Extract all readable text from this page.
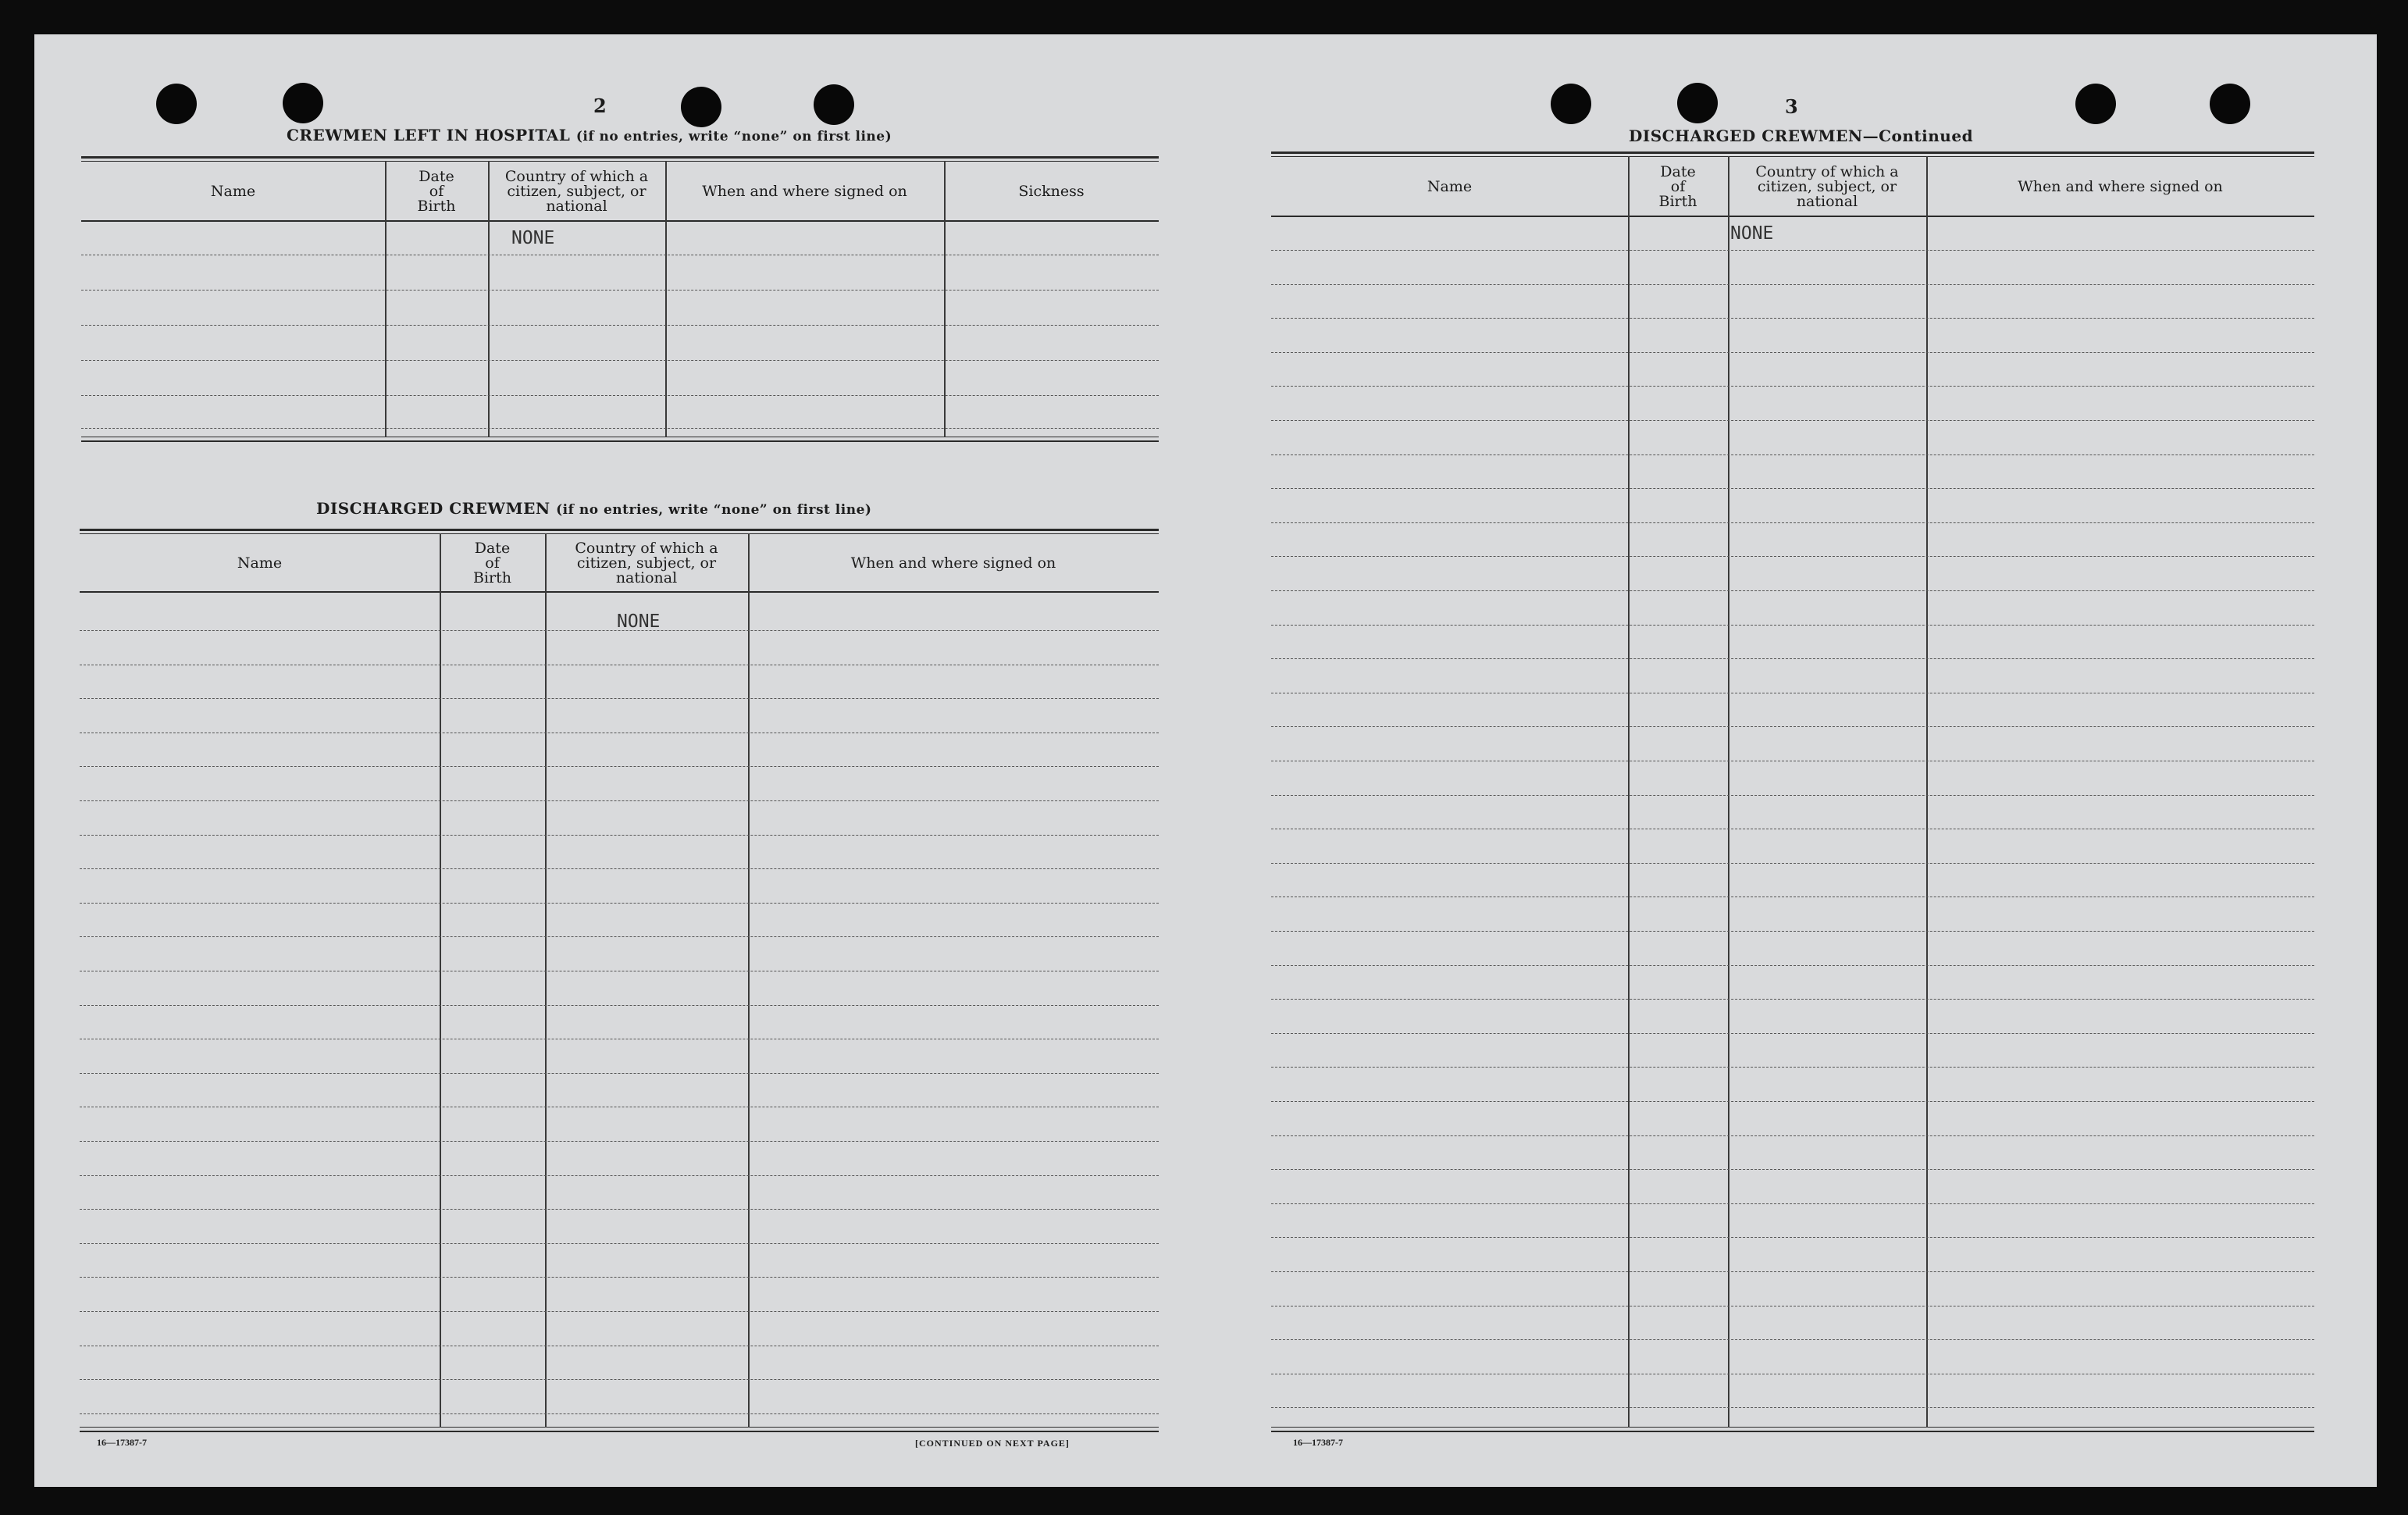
2
CREWMEN LEFT IN HOSPITAL (if no entries, write “none” on first line)
Name
Date
of
Birth
Country of which a
citizen, subject, or
national
When and where signed on	Sickness
NONE
DISCHARGED CREWMEN (if no entries, write “none” on first line)
Name
Date
of
Birth
Country of which a
citizen, subject, or
national
When and where signed on
NONE
16—17387-7	[CONTINUED ON NEXT PAGE]
3
DISCHARGED CREWMEN—Continued
Name
Date
of
Birth
Country of which a
citizen, subject, or
national
When and where signed on
NONE
16—17387-7
